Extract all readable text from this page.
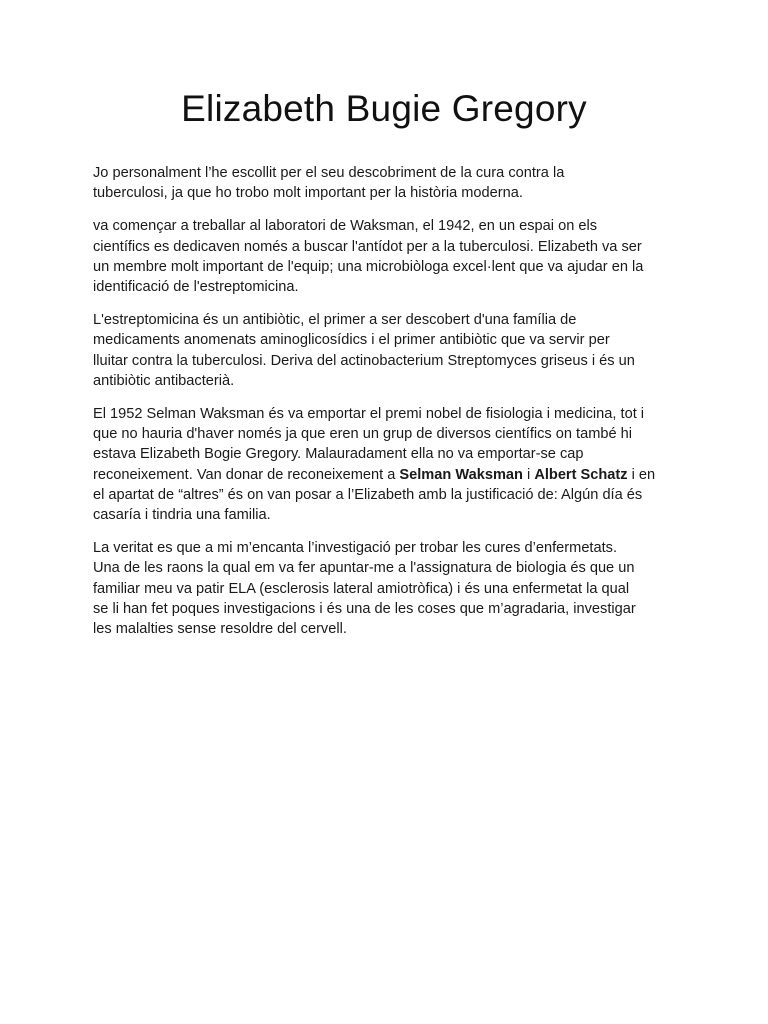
Elizabeth Bugie Gregory

Jo personalment l’he escollit per el seu descobriment de la cura contra la
tuberculosi, ja que ho trobo molt important per la història moderna.

va començar a treballar al laboratori de Waksman, el 1942, en un espai on els
científics es dedicaven només a buscar l'antídot per a la tuberculosi. Elizabeth va ser
un membre molt important de l'equip; una microbiòloga excel·lent que va ajudar en la
identificació de l'estreptomicina.

L'estreptomicina és un antibiòtic, el primer a ser descobert d'una família de
medicaments anomenats aminoglicosídics i el primer antibiòtic que va servir per
lluitar contra la tuberculosi. Deriva del actinobacterium Streptomyces griseus i és un
antibiòtic antibacterià.

El 1952 Selman Waksman és va emportar el premi nobel de fisiologia i medicina, tot i
que no hauria d'haver només ja que eren un grup de diversos científics on també hi
estava Elizabeth Bogie Gregory. Malauradament ella no va emportar-se cap
reconeixement. Van donar de reconeixement a Selman Waksman i Albert Schatz i en
el apartat de “altres” és on van posar a l’Elizabeth amb la justificació de: Algún día és
casaría i tindria una familia.

La veritat es que a mi m’encanta l’investigació per trobar les cures d’enfermetats.
Una de les raons la qual em va fer apuntar-me a l'assignatura de biologia és que un
familiar meu va patir ELA (esclerosis lateral amiotròfica) i és una enfermetat la qual
se li han fet poques investigacions i és una de les coses que m’agradaria, investigar
les malalties sense resoldre del cervell.
